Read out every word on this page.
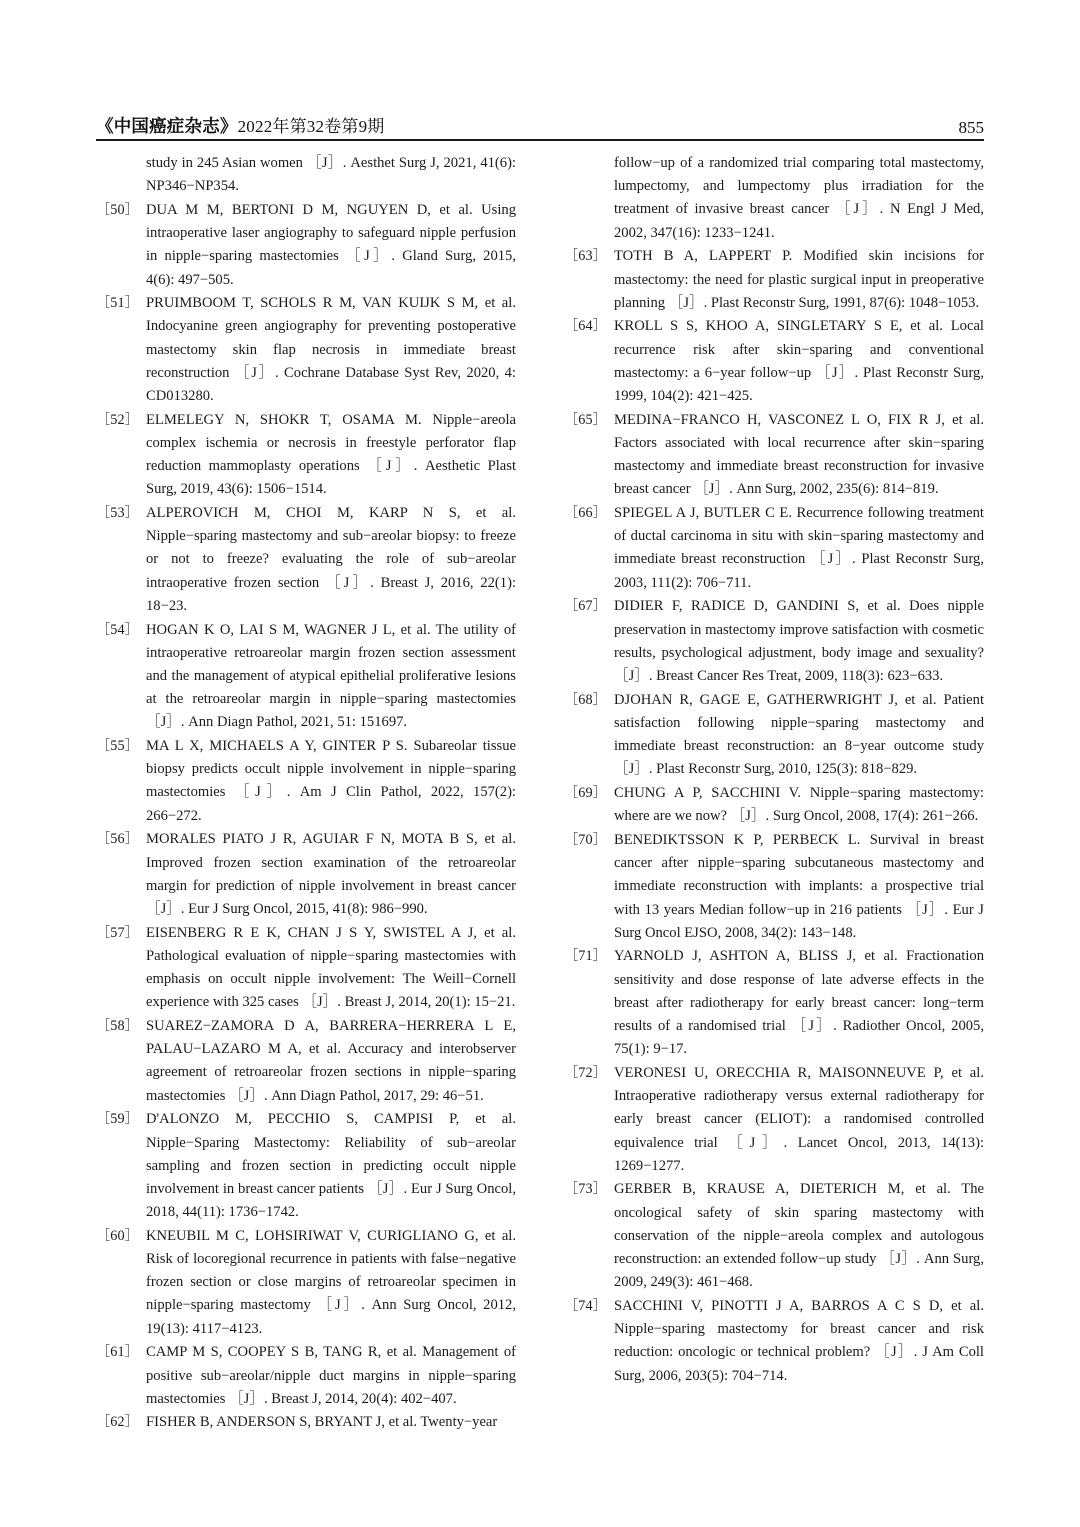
《中国癌症杂志》2022年第32卷第9期	855
study in 245 Asian women ［J］. Aesthet Surg J, 2021, 41(6): NP346−NP354.
［50］ DUA M M, BERTONI D M, NGUYEN D, et al. Using intraoperative laser angiography to safeguard nipple perfusion in nipple−sparing mastectomies ［J］. Gland Surg, 2015, 4(6): 497−505.
［51］ PRUIMBOOM T, SCHOLS R M, VAN KUIJK S M, et al. Indocyanine green angiography for preventing postoperative mastectomy skin flap necrosis in immediate breast reconstruction ［J］. Cochrane Database Syst Rev, 2020, 4: CD013280.
［52］ ELMELEGY N, SHOKR T, OSAMA M. Nipple−areola complex ischemia or necrosis in freestyle perforator flap reduction mammoplasty operations ［J］. Aesthetic Plast Surg, 2019, 43(6): 1506−1514.
［53］ ALPEROVICH M, CHOI M, KARP N S, et al. Nipple−sparing mastectomy and sub−areolar biopsy: to freeze or not to freeze? evaluating the role of sub−areolar intraoperative frozen section ［J］. Breast J, 2016, 22(1): 18−23.
［54］ HOGAN K O, LAI S M, WAGNER J L, et al. The utility of intraoperative retroareolar margin frozen section assessment and the management of atypical epithelial proliferative lesions at the retroareolar margin in nipple−sparing mastectomies ［J］. Ann Diagn Pathol, 2021, 51: 151697.
［55］ MA L X, MICHAELS A Y, GINTER P S. Subareolar tissue biopsy predicts occult nipple involvement in nipple−sparing mastectomies ［J］. Am J Clin Pathol, 2022, 157(2): 266−272.
［56］ MORALES PIATO J R, AGUIAR F N, MOTA B S, et al. Improved frozen section examination of the retroareolar margin for prediction of nipple involvement in breast cancer ［J］. Eur J Surg Oncol, 2015, 41(8): 986−990.
［57］ EISENBERG R E K, CHAN J S Y, SWISTEL A J, et al. Pathological evaluation of nipple−sparing mastectomies with emphasis on occult nipple involvement: The Weill−Cornell experience with 325 cases ［J］. Breast J, 2014, 20(1): 15−21.
［58］ SUAREZ−ZAMORA D A, BARRERA−HERRERA L E, PALAU−LAZARO M A, et al. Accuracy and interobserver agreement of retroareolar frozen sections in nipple−sparing mastectomies ［J］. Ann Diagn Pathol, 2017, 29: 46−51.
［59］ D'ALONZO M, PECCHIO S, CAMPISI P, et al. Nipple−Sparing Mastectomy: Reliability of sub−areolar sampling and frozen section in predicting occult nipple involvement in breast cancer patients ［J］. Eur J Surg Oncol, 2018, 44(11): 1736−1742.
［60］ KNEUBIL M C, LOHSIRIWAT V, CURIGLIANO G, et al. Risk of locoregional recurrence in patients with false−negative frozen section or close margins of retroareolar specimen in nipple−sparing mastectomy ［J］. Ann Surg Oncol, 2012, 19(13): 4117−4123.
［61］ CAMP M S, COOPEY S B, TANG R, et al. Management of positive sub−areolar/nipple duct margins in nipple−sparing mastectomies ［J］. Breast J, 2014, 20(4): 402−407.
［62］ FISHER B, ANDERSON S, BRYANT J, et al. Twenty−year
follow−up of a randomized trial comparing total mastectomy, lumpectomy, and lumpectomy plus irradiation for the treatment of invasive breast cancer ［J］. N Engl J Med, 2002, 347(16): 1233−1241.
［63］ TOTH B A, LAPPERT P. Modified skin incisions for mastectomy: the need for plastic surgical input in preoperative planning ［J］. Plast Reconstr Surg, 1991, 87(6): 1048−1053.
［64］ KROLL S S, KHOO A, SINGLETARY S E, et al. Local recurrence risk after skin−sparing and conventional mastectomy: a 6−year follow−up ［J］. Plast Reconstr Surg, 1999, 104(2): 421−425.
［65］ MEDINA−FRANCO H, VASCONEZ L O, FIX R J, et al. Factors associated with local recurrence after skin−sparing mastectomy and immediate breast reconstruction for invasive breast cancer ［J］. Ann Surg, 2002, 235(6): 814−819.
［66］ SPIEGEL A J, BUTLER C E. Recurrence following treatment of ductal carcinoma in situ with skin−sparing mastectomy and immediate breast reconstruction ［J］. Plast Reconstr Surg, 2003, 111(2): 706−711.
［67］ DIDIER F, RADICE D, GANDINI S, et al. Does nipple preservation in mastectomy improve satisfaction with cosmetic results, psychological adjustment, body image and sexuality? ［J］. Breast Cancer Res Treat, 2009, 118(3): 623−633.
［68］ DJOHAN R, GAGE E, GATHERWRIGHT J, et al. Patient satisfaction following nipple−sparing mastectomy and immediate breast reconstruction: an 8−year outcome study ［J］. Plast Reconstr Surg, 2010, 125(3): 818−829.
［69］ CHUNG A P, SACCHINI V. Nipple−sparing mastectomy: where are we now? ［J］. Surg Oncol, 2008, 17(4): 261−266.
［70］ BENEDIKTSSON K P, PERBECK L. Survival in breast cancer after nipple−sparing subcutaneous mastectomy and immediate reconstruction with implants: a prospective trial with 13 years Median follow−up in 216 patients ［J］. Eur J Surg Oncol EJSO, 2008, 34(2): 143−148.
［71］ YARNOLD J, ASHTON A, BLISS J, et al. Fractionation sensitivity and dose response of late adverse effects in the breast after radiotherapy for early breast cancer: long−term results of a randomised trial ［J］. Radiother Oncol, 2005, 75(1): 9−17.
［72］ VERONESI U, ORECCHIA R, MAISONNEUVE P, et al. Intraoperative radiotherapy versus external radiotherapy for early breast cancer (ELIOT): a randomised controlled equivalence trial ［J］. Lancet Oncol, 2013, 14(13): 1269−1277.
［73］ GERBER B, KRAUSE A, DIETERICH M, et al. The oncological safety of skin sparing mastectomy with conservation of the nipple−areola complex and autologous reconstruction: an extended follow−up study ［J］. Ann Surg, 2009, 249(3): 461−468.
［74］ SACCHINI V, PINOTTI J A, BARROS A C S D, et al. Nipple−sparing mastectomy for breast cancer and risk reduction: oncologic or technical problem? ［J］. J Am Coll Surg, 2006, 203(5): 704−714.
